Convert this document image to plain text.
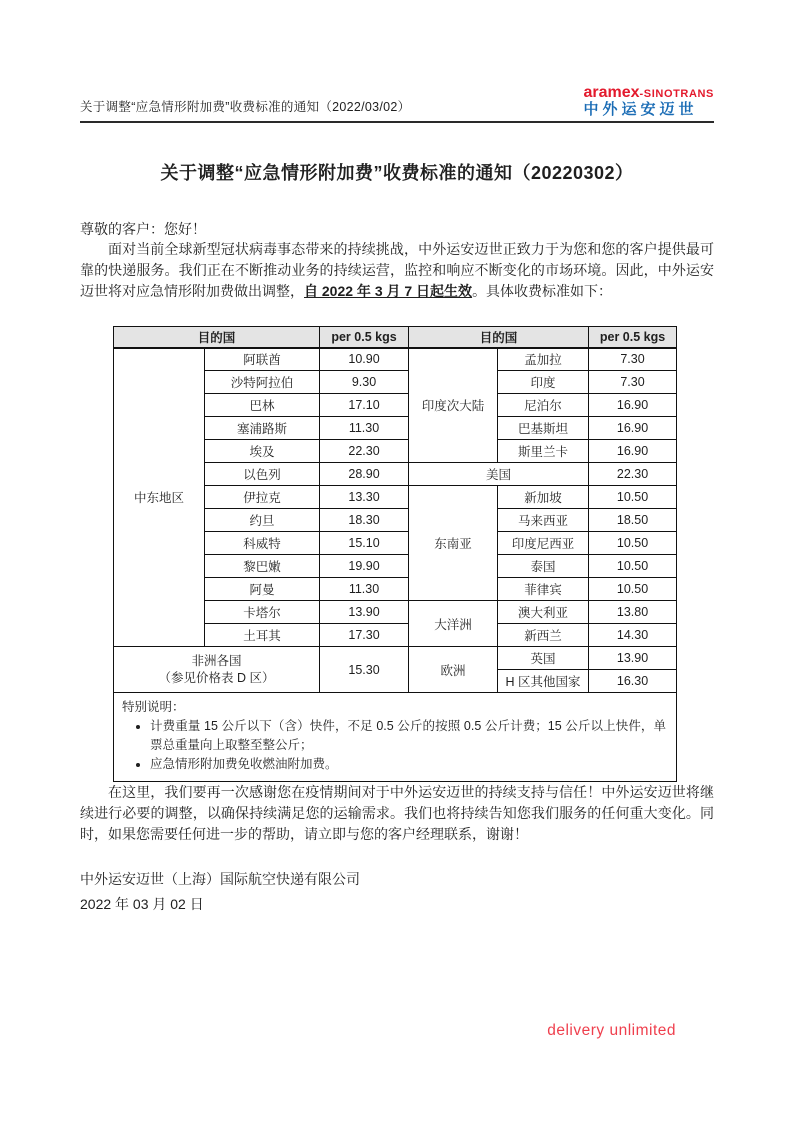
关于调整“应急情形附加费”收费标准的通知（2022/03/02）
aramex-SINOTRANS
中外运安迈世
关于调整“应急情形附加费”收费标准的通知（20220302）
尊敬的客户：您好！

面对当前全球新型冠状病毒事态带来的持续挑战，中外运安迈世正致力于为您和您的客户提供最可靠的快递服务。我们正在不断推动业务的持续运营，监控和响应不断变化的市场环境。因此，中外运安迈世将对应急情形附加费做出调整，自 2022 年 3 月 7 日起生效。具体收费标准如下：

目的国		per 0.5 kgs	目的国		per 0.5 kgs
中东地区	阿联酋	10.90	印度次大陆	孟加拉	7.30
	沙特阿拉伯	9.30		印度	7.30
	巴林	17.10		尼泊尔	16.90
	塞浦路斯	11.30		巴基斯坦	16.90
	埃及	22.30		斯里兰卡	16.90
	以色列	28.90	美国		22.30
	伊拉克	13.30	东南亚	新加坡	10.50
	约旦	18.30		马来西亚	18.50
	科威特	15.10		印度尼西亚	10.50
	黎巴嫩	19.90		泰国	10.50
	阿曼	11.30		菲律宾	10.50
	卡塔尔	13.90	大洋洲	澳大利亚	13.80
	土耳其	17.30		新西兰	14.30

非洲各国
（参见价格表 D 区）		15.30	欧洲	英国	13.90
				H 区其他国家	16.30

特别说明：
• 计费重量 15 公斤以下（含）快件，不足 0.5 公斤的按照 0.5 公斤计费；15 公斤以上快件，单票总重量向上取整至整公斤；
• 应急情形附加费免收燃油附加费。

在这里，我们要再一次感谢您在疫情期间对于中外运安迈世的持续支持与信任！中外运安迈世将继续进行必要的调整，以确保持续满足您的运输需求。我们也将持续告知您我们服务的任何重大变化。同时，如果您需要任何进一步的帮助，请立即与您的客户经理联系，谢谢！

中外运安迈世（上海）国际航空快递有限公司
2022 年 03 月 02 日
delivery unlimited
